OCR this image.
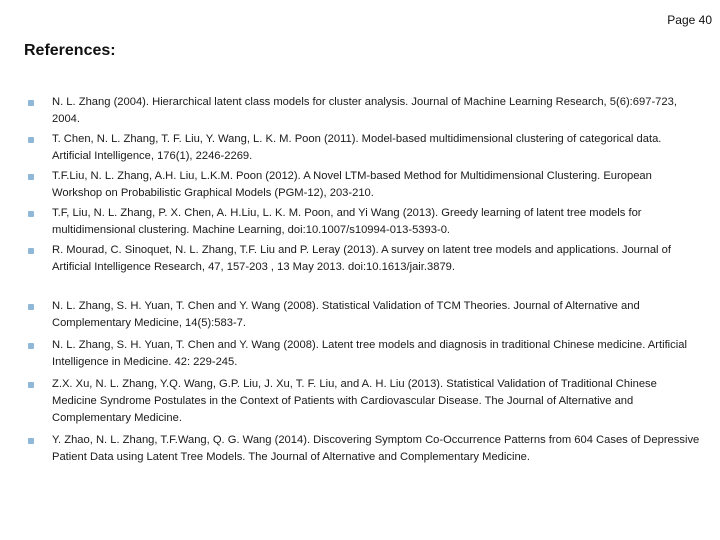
Page 40
References:
N. L. Zhang (2004). Hierarchical latent class models for cluster analysis. Journal of Machine Learning Research, 5(6):697-723, 2004.
T. Chen, N. L. Zhang, T. F. Liu, Y. Wang, L. K. M. Poon (2011). Model-based multidimensional clustering of categorical data. Artificial Intelligence, 176(1), 2246-2269.
T.F.Liu, N. L. Zhang, A.H. Liu, L.K.M. Poon (2012). A Novel LTM-based Method for Multidimensional Clustering. European Workshop on Probabilistic Graphical Models (PGM-12), 203-210.
T.F, Liu, N. L. Zhang, P. X. Chen, A. H.Liu, L. K. M. Poon, and Yi Wang (2013). Greedy learning of latent tree models for multidimensional clustering. Machine Learning, doi:10.1007/s10994-013-5393-0.
R. Mourad, C. Sinoquet, N. L. Zhang, T.F. Liu and P. Leray (2013). A survey on latent tree models and applications. Journal of Artificial Intelligence Research, 47, 157-203 , 13 May 2013. doi:10.1613/jair.3879.
N. L. Zhang, S. H. Yuan, T. Chen and Y. Wang (2008). Statistical Validation of TCM Theories. Journal of Alternative and Complementary Medicine, 14(5):583-7.
N. L. Zhang, S. H. Yuan, T. Chen and Y. Wang (2008). Latent tree models and diagnosis in traditional Chinese medicine. Artificial Intelligence in Medicine. 42: 229-245.
Z.X. Xu, N. L. Zhang, Y.Q. Wang, G.P. Liu, J. Xu, T. F. Liu, and A. H. Liu (2013). Statistical Validation of Traditional Chinese Medicine Syndrome Postulates in the Context of Patients with Cardiovascular Disease. The Journal of Alternative and Complementary Medicine.
Y. Zhao, N. L. Zhang, T.F.Wang, Q. G. Wang (2014). Discovering Symptom Co-Occurrence Patterns from 604 Cases of Depressive Patient Data using Latent Tree Models. The Journal of Alternative and Complementary Medicine.
